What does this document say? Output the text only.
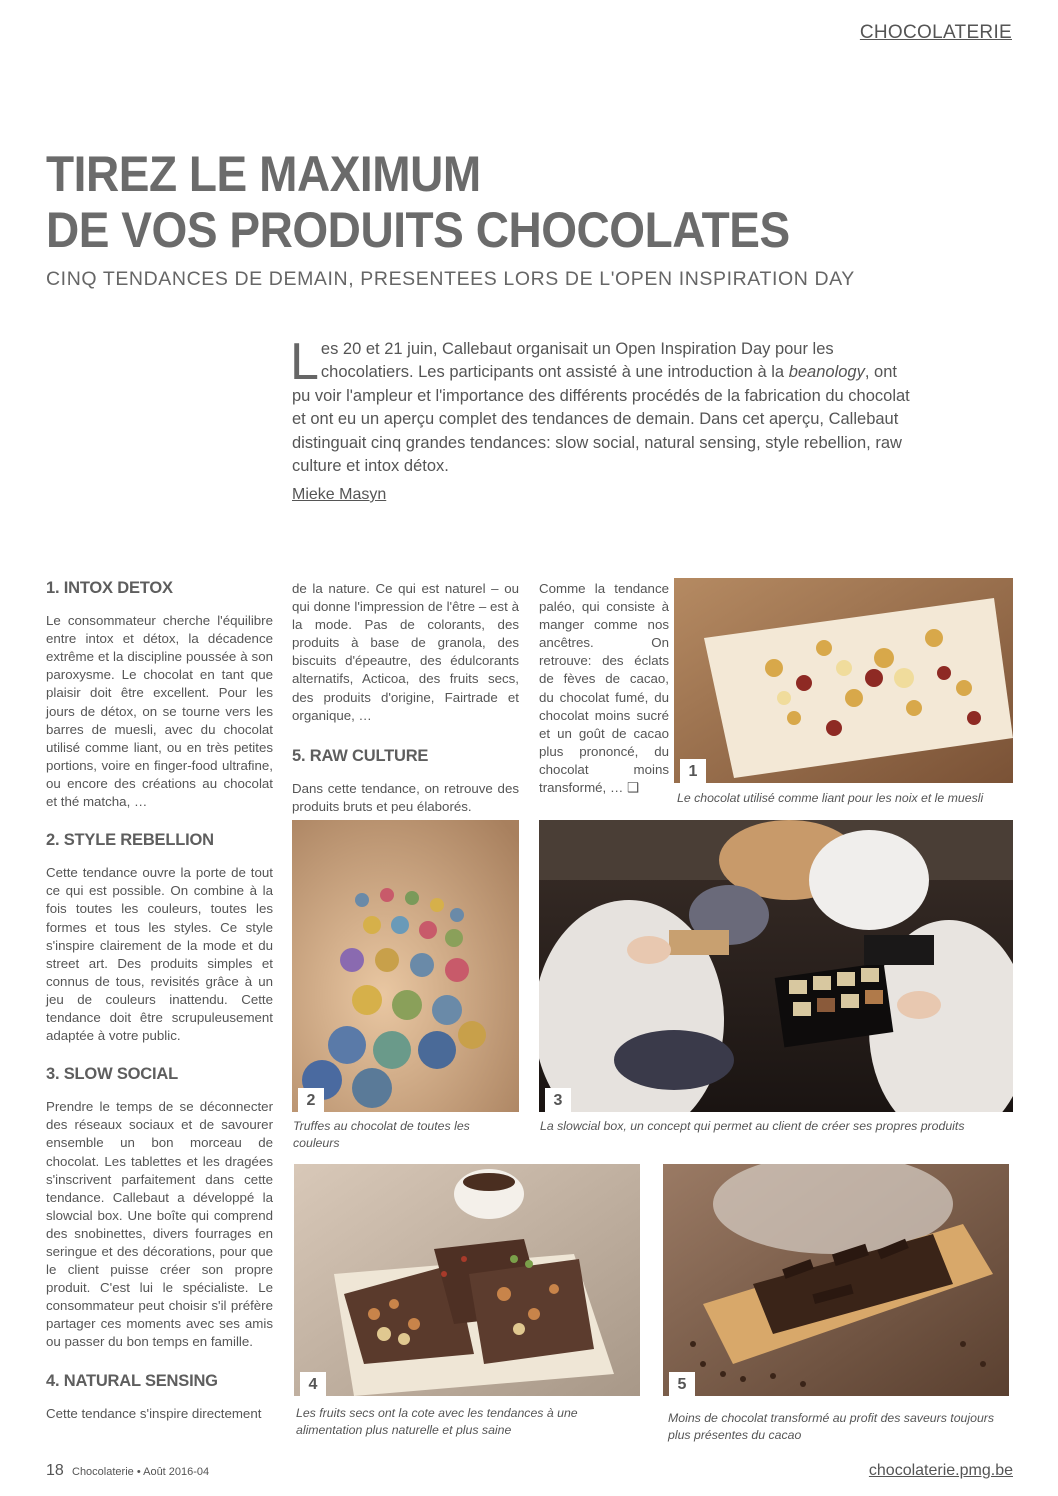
CHOCOLATERIE
TIREZ LE MAXIMUM
DE VOS PRODUITS CHOCOLATES
CINQ TENDANCES DE DEMAIN, PRESENTEES LORS DE L'OPEN INSPIRATION DAY
Les 20 et 21 juin, Callebaut organisait un Open Inspiration Day pour les chocolatiers. Les participants ont assisté à une introduction à la beanology, ont pu voir l'ampleur et l'importance des différents procédés de la fabrication du chocolat et ont eu un aperçu complet des tendances de demain. Dans cet aperçu, Callebaut distinguait cinq grandes tendances: slow social, natural sensing, style rebellion, raw culture et intox détox.
Mieke Masyn
1. INTOX DETOX

Le consommateur cherche l'équilibre entre intox et détox, la décadence extrême et la discipline poussée à son paroxysme. Le chocolat en tant que plaisir doit être excellent. Pour les jours de détox, on se tourne vers les barres de muesli, avec du chocolat utilisé comme liant, ou en très petites portions, voire en finger-food ultrafine, ou encore des créations au chocolat et thé matcha, …

2. STYLE REBELLION

Cette tendance ouvre la porte de tout ce qui est possible. On combine à la fois toutes les couleurs, toutes les formes et tous les styles. Ce style s'inspire clairement de la mode et du street art. Des produits simples et connus de tous, revisités grâce à un jeu de couleurs inattendu. Cette tendance doit être scrupuleusement adaptée à votre public.

3. SLOW SOCIAL

Prendre le temps de se déconnecter des réseaux sociaux et de savourer ensemble un bon morceau de chocolat. Les tablettes et les dragées s'inscrivent parfaitement dans cette tendance. Callebaut a développé la slowcial box. Une boîte qui comprend des snobinettes, divers fourrages en seringue et des décorations, pour que le client puisse créer son propre produit. C'est lui le spécialiste. Le consommateur peut choisir s'il préfère partager ces moments avec ses amis ou passer du bon temps en famille.

4. NATURAL SENSING

Cette tendance s'inspire directement

de la nature. Ce qui est naturel – ou qui donne l'impression de l'être – est à la mode. Pas de colorants, des produits à base de granola, des biscuits d'épeautre, des édulcorants alternatifs, Acticoa, des fruits secs, des produits d'origine, Fairtrade et organique, …

5. RAW CULTURE

Dans cette tendance, on retrouve des produits bruts et peu élaborés.

Comme la tendance paléo, qui consiste à manger comme nos ancêtres. On retrouve: des éclats de fèves de cacao, du chocolat fumé, du chocolat moins sucré et un goût de cacao plus prononcé, du chocolat moins transformé, … ❑

1
Le chocolat utilisé comme liant pour les noix et le muesli
2
Truffes au chocolat de toutes les couleurs
3
La slowcial box, un concept qui permet au client de créer ses propres produits
4
Les fruits secs ont la cote avec les tendances à une alimentation plus naturelle et plus saine
5
Moins de chocolat transformé au profit des saveurs toujours plus présentes du cacao
18 Chocolaterie • Août 2016-04	chocolaterie.pmg.be
